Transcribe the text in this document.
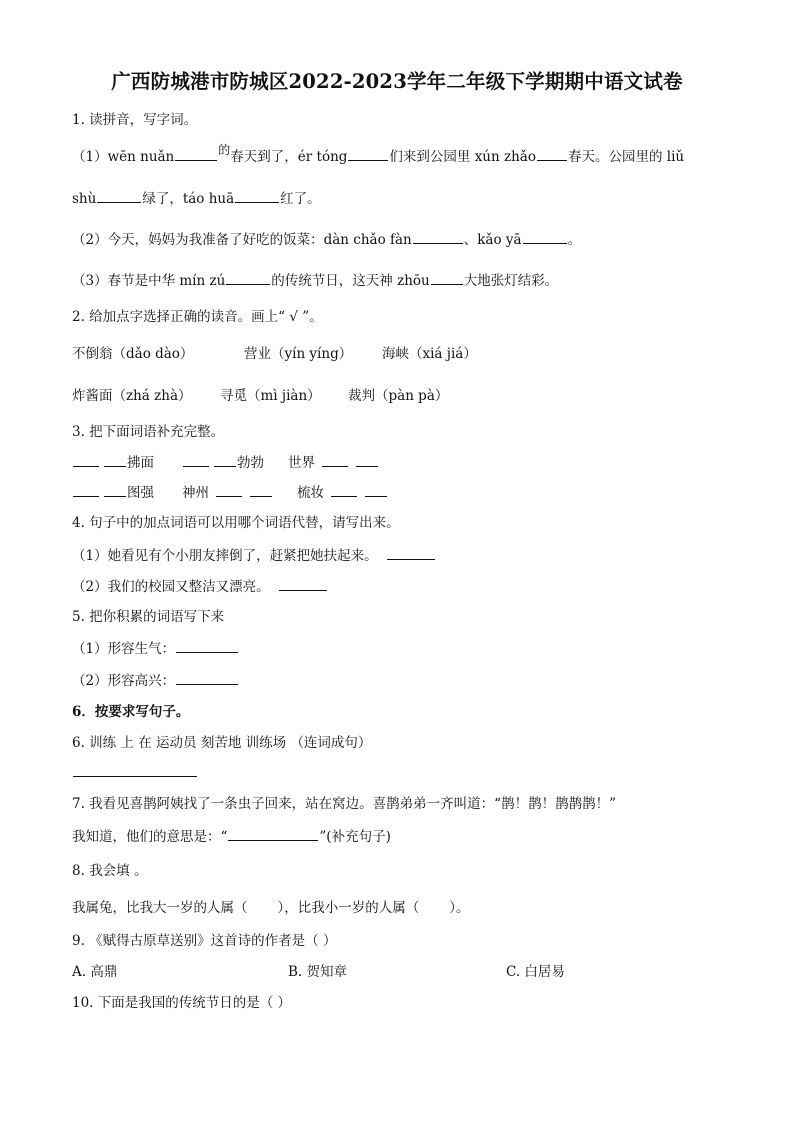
广西防城港市防城区2022-2023学年二年级下学期期中语文试卷
1. 读拼音，写字词。
（1）wēn nuǎn	的春天到了，ér tóng	们来到公园里 xún zhǎo 春天。公园里的 liǔ
shù	绿了，táo huā	红了。
（2）今天，妈妈为我准备了好吃的饭菜：dàn chǎo fàn	、kǎo yā	。
（3）春节是中华 mín zú	的传统节日，这天神 zhōu	大地张灯结彩。
2. 给加点字选择正确的读音。画上“ √ ”。
不倒翁（dǎo dào）	营业（yín yíng） 海峡（xiá jiá）
炸酱面（zhá zhà） 寻觅（mì jiàn） 裁判（pàn pà）
3. 把下面词语补充完整。
拂面	勃勃 世界
图强 神州	梳妆
4. 句子中的加点词语可以用哪个词语代替，请写出来。
（1）她看见有个小朋友摔倒了，赶紧把她扶起来。
（2）我们的校园又整洁又漂亮。
5. 把你积累的词语写下来
（1）形容生气：
（2）形容高兴：
6．按要求写句子。
6. 训练 上 在 运动员 刻苦地 训练场 （连词成句）
7. 我看见喜鹊阿姨找了一条虫子回来，站在窝边。喜鹊弟弟一齐叫道：“鹊！鹊！鹊鹊鹊！”
我知道，他们的意思是：“	”(补充句子)
8. 我会填 。
我属兔，比我大一岁的人属（ ），比我小一岁的人属（ ）。
9. 《赋得古原草送别》这首诗的作者是（ ）
A. 高鼎	B. 贺知章	C. 白居易
10. 下面是我国的传统节日的是（ ）
